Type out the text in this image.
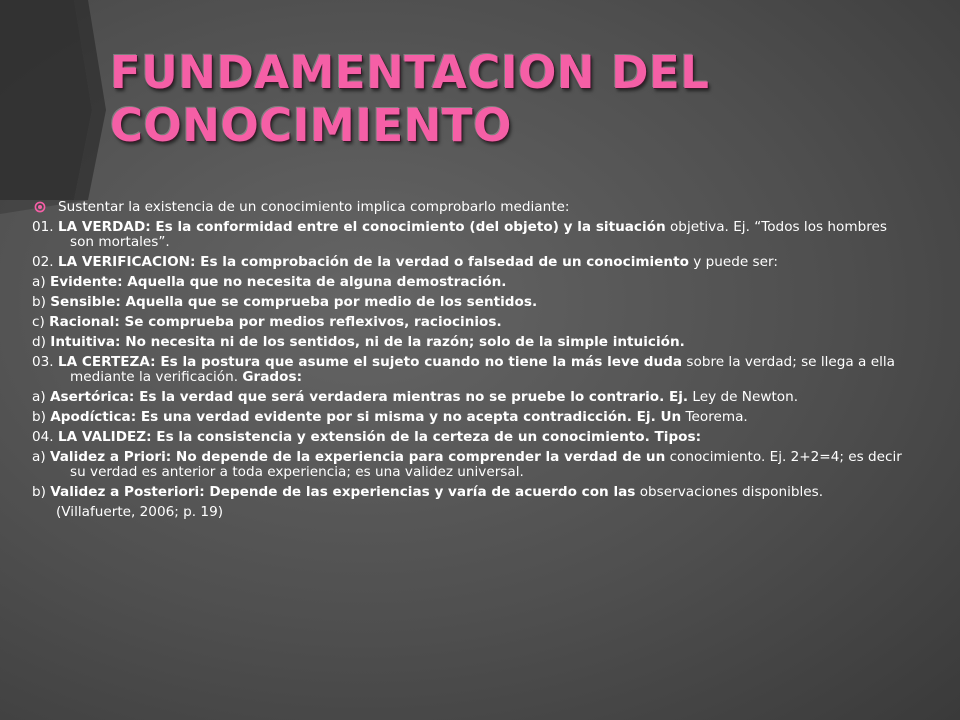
FUNDAMENTACION DEL
CONOCIMIENTO

Sustentar la existencia de un conocimiento implica comprobarlo mediante:

01. LA VERDAD: Es la conformidad entre el conocimiento (del objeto) y la situación objetiva. Ej. “Todos los hombres son mortales”.

02. LA VERIFICACION: Es la comprobación de la verdad o falsedad de un conocimiento y puede ser:

a) Evidente: Aquella que no necesita de alguna demostración.

b) Sensible: Aquella que se comprueba por medio de los sentidos.

c) Racional: Se comprueba por medios reflexivos, raciocinios.

d) Intuitiva: No necesita ni de los sentidos, ni de la razón; solo de la simple intuición.

03. LA CERTEZA: Es la postura que asume el sujeto cuando no tiene la más leve duda sobre la verdad; se llega a ella mediante la verificación. Grados:

a) Asertórica: Es la verdad que será verdadera mientras no se pruebe lo contrario. Ej. Ley de Newton.

b) Apodíctica: Es una verdad evidente por si misma y no acepta contradicción. Ej. Un Teorema.

04. LA VALIDEZ: Es la consistencia y extensión de la certeza de un conocimiento. Tipos:

a) Validez a Priori: No depende de la experiencia para comprender la verdad de un conocimiento. Ej. 2+2=4; es decir su verdad es anterior a toda experiencia; es una validez universal.

b) Validez a Posteriori: Depende de las experiencias y varía de acuerdo con las observaciones disponibles.

(Villafuerte, 2006; p. 19)
